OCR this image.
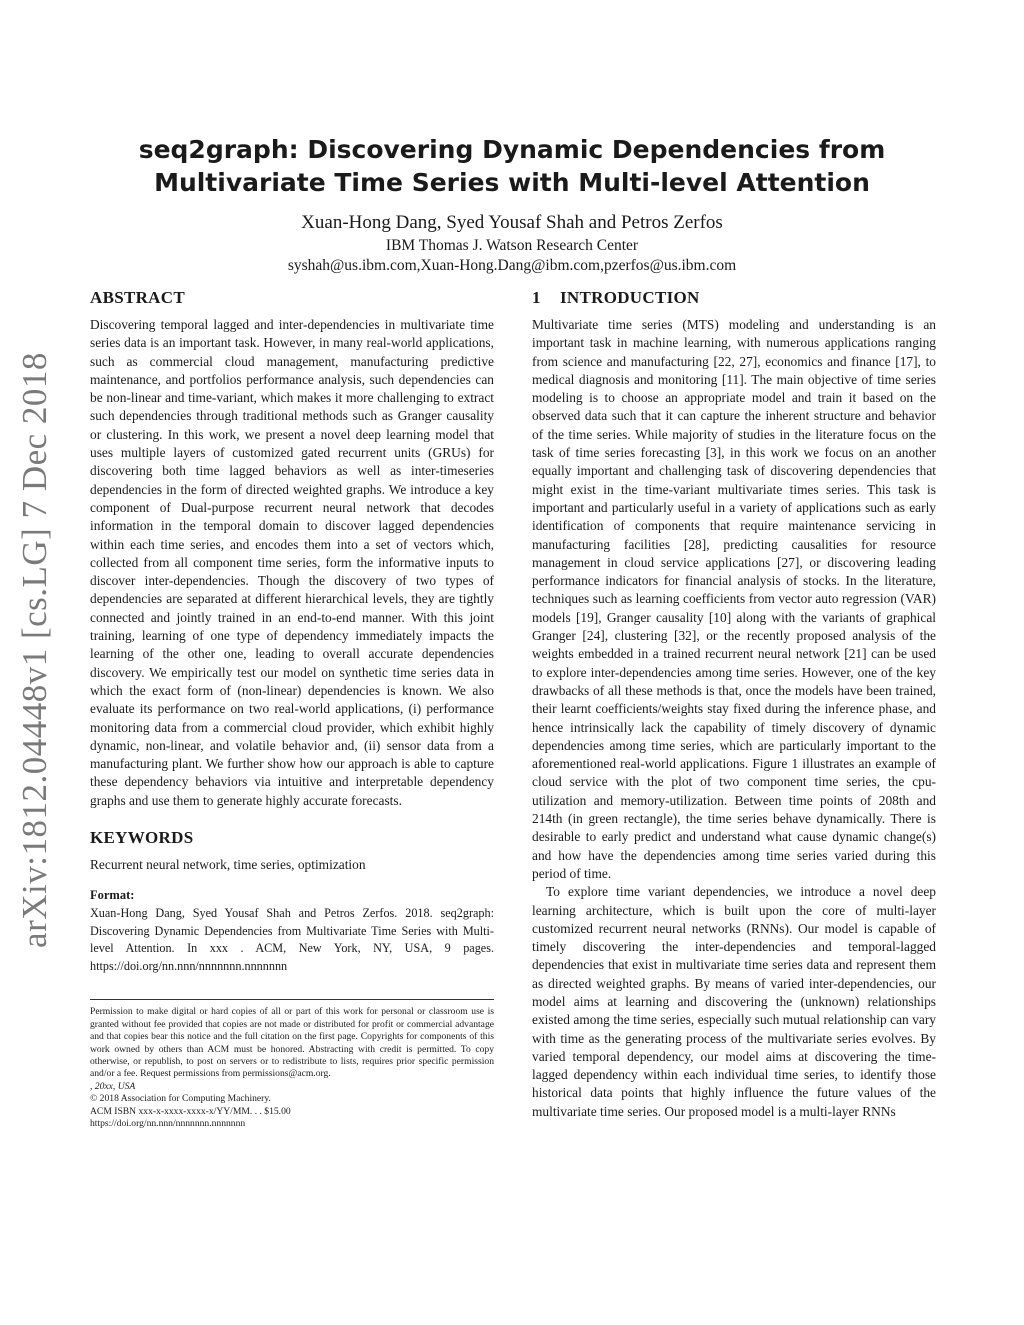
arXiv:1812.04448v1 [cs.LG] 7 Dec 2018
seq2graph: Discovering Dynamic Dependencies from
Multivariate Time Series with Multi-level Attention
Xuan-Hong Dang, Syed Yousaf Shah and Petros Zerfos
IBM Thomas J. Watson Research Center
syshah@us.ibm.com,Xuan-Hong.Dang@ibm.com,pzerfos@us.ibm.com
ABSTRACT

Discovering temporal lagged and inter-dependencies in multivariate time series data is an important task. However, in many real-world applications, such as commercial cloud management, manufacturing predictive maintenance, and portfolios performance analysis, such dependencies can be non-linear and time-variant, which makes it more challenging to extract such dependencies through traditional methods such as Granger causality or clustering. In this work, we present a novel deep learning model that uses multiple layers of customized gated recurrent units (GRUs) for discovering both time lagged behaviors as well as inter-timeseries dependencies in the form of directed weighted graphs. We introduce a key component of Dual-purpose recurrent neural network that decodes information in the temporal domain to discover lagged dependencies within each time series, and encodes them into a set of vectors which, collected from all component time series, form the informative inputs to discover inter-dependencies. Though the discovery of two types of dependencies are separated at different hierarchical levels, they are tightly connected and jointly trained in an end-to-end manner. With this joint training, learning of one type of dependency immediately impacts the learning of the other one, leading to overall accurate dependencies discovery. We empirically test our model on synthetic time series data in which the exact form of (non-linear) dependencies is known. We also evaluate its performance on two real-world applications, (i) performance monitoring data from a commercial cloud provider, which exhibit highly dynamic, non-linear, and volatile behavior and, (ii) sensor data from a manufacturing plant. We further show how our approach is able to capture these dependency behaviors via intuitive and interpretable dependency graphs and use them to generate highly accurate forecasts.

KEYWORDS

Recurrent neural network, time series, optimization

Format:

Xuan-Hong Dang, Syed Yousaf Shah and Petros Zerfos. 2018. seq2graph: Discovering Dynamic Dependencies from Multivariate Time Series with Multi-level Attention. In xxx . ACM, New York, NY, USA, 9 pages. https://doi.org/nn.nnn/nnnnnnn.nnnnnnn

Permission to make digital or hard copies of all or part of this work for personal or classroom use is granted without fee provided that copies are not made or distributed for profit or commercial advantage and that copies bear this notice and the full citation on the first page. Copyrights for components of this work owned by others than ACM must be honored. Abstracting with credit is permitted. To copy otherwise, or republish, to post on servers or to redistribute to lists, requires prior specific permission and/or a fee. Request permissions from permissions@acm.org.

, 20xx, USA

© 2018 Association for Computing Machinery.

ACM ISBN xxx-x-xxxx-xxxx-x/YY/MM. . . $15.00

https://doi.org/nn.nnn/nnnnnnn.nnnnnnn

1 INTRODUCTION

Multivariate time series (MTS) modeling and understanding is an important task in machine learning, with numerous applications ranging from science and manufacturing [22, 27], economics and finance [17], to medical diagnosis and monitoring [11]. The main objective of time series modeling is to choose an appropriate model and train it based on the observed data such that it can capture the inherent structure and behavior of the time series. While majority of studies in the literature focus on the task of time series forecasting [3], in this work we focus on an another equally important and challenging task of discovering dependencies that might exist in the time-variant multivariate times series. This task is important and particularly useful in a variety of applications such as early identification of components that require maintenance servicing in manufacturing facilities [28], predicting causalities for resource management in cloud service applications [27], or discovering leading performance indicators for financial analysis of stocks. In the literature, techniques such as learning coefficients from vector auto regression (VAR) models [19], Granger causality [10] along with the variants of graphical Granger [24], clustering [32], or the recently proposed analysis of the weights embedded in a trained recurrent neural network [21] can be used to explore inter-dependencies among time series. However, one of the key drawbacks of all these methods is that, once the models have been trained, their learnt coefficients/weights stay fixed during the inference phase, and hence intrinsically lack the capability of timely discovery of dynamic dependencies among time series, which are particularly important to the aforementioned real-world applications. Figure 1 illustrates an example of cloud service with the plot of two component time series, the cpu-utilization and memory-utilization. Between time points of 208th and 214th (in green rectangle), the time series behave dynamically. There is desirable to early predict and understand what cause dynamic change(s) and how have the dependencies among time series varied during this period of time.

To explore time variant dependencies, we introduce a novel deep learning architecture, which is built upon the core of multi-layer customized recurrent neural networks (RNNs). Our model is capable of timely discovering the inter-dependencies and temporal-lagged dependencies that exist in multivariate time series data and represent them as directed weighted graphs. By means of varied inter-dependencies, our model aims at learning and discovering the (unknown) relationships existed among the time series, especially such mutual relationship can vary with time as the generating process of the multivariate series evolves. By varied temporal dependency, our model aims at discovering the time-lagged dependency within each individual time series, to identify those historical data points that highly influence the future values of the multivariate time series. Our proposed model is a multi-layer RNNs
